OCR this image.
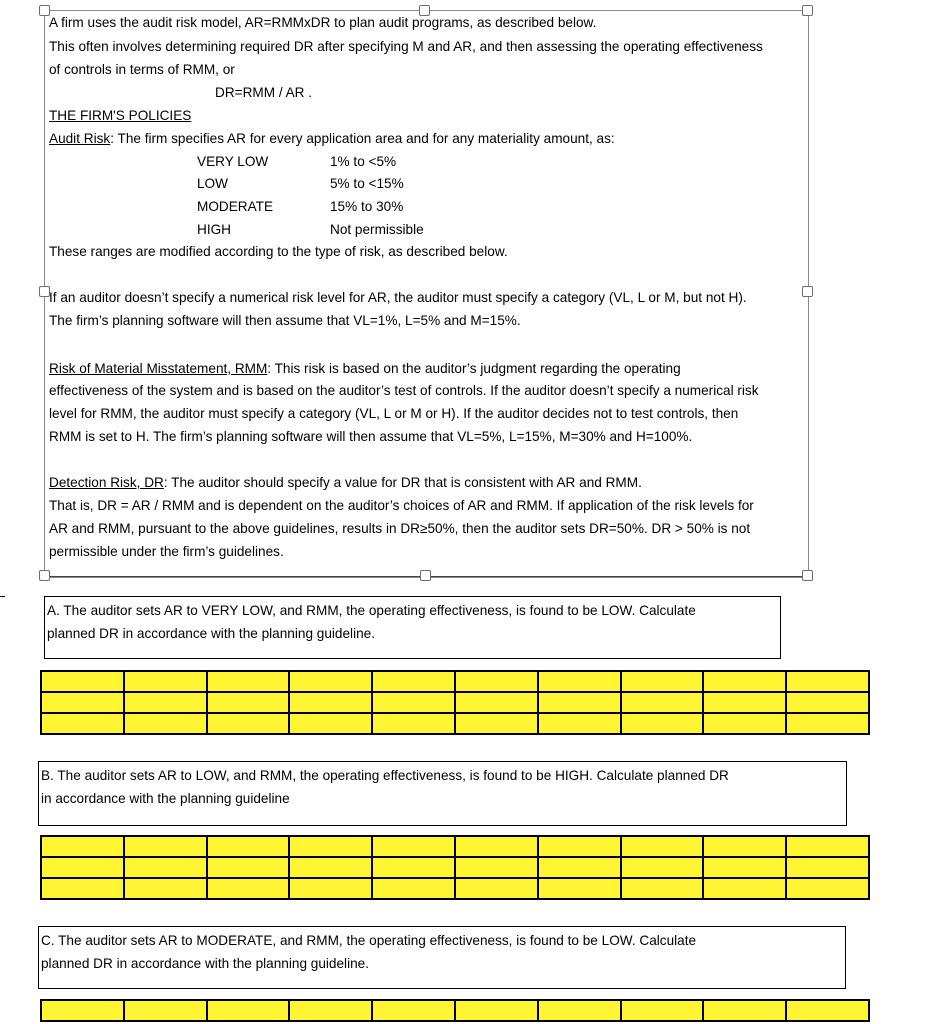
A firm uses the audit risk model, AR=RMMxDR to plan audit programs, as described below.
This often involves determining required DR after specifying M and AR, and then assessing the operating effectiveness
of controls in terms of RMM, or
DR=RMM / AR .
THE FIRM'S POLICIES
Audit Risk: The firm specifies AR for every application area and for any materiality amount, as:
VERY LOW	1% to <5%
LOW	5% to <15%
MODERATE	15% to 30%
HIGH	Not permissible
These ranges are modified according to the type of risk, as described below.
If an auditor doesn’t specify a numerical risk level for AR, the auditor must specify a category (VL, L or M, but not H).
The firm’s planning software will then assume that VL=1%, L=5% and M=15%.
Risk of Material Misstatement, RMM: This risk is based on the auditor’s judgment regarding the operating
effectiveness of the system and is based on the auditor’s test of controls. If the auditor doesn’t specify a numerical risk
level for RMM, the auditor must specify a category (VL, L or M or H). If the auditor decides not to test controls, then
RMM is set to H. The firm’s planning software will then assume that VL=5%, L=15%, M=30% and H=100%.
Detection Risk, DR: The auditor should specify a value for DR that is consistent with AR and RMM.
That is, DR = AR / RMM and is dependent on the auditor’s choices of AR and RMM. If application of the risk levels for
AR and RMM, pursuant to the above guidelines, results in DR≥50%, then the auditor sets DR=50%. DR > 50% is not
permissible under the firm’s guidelines.
A. The auditor sets AR to VERY LOW, and RMM, the operating effectiveness, is found to be LOW. Calculate
planned DR in accordance with the planning guideline.

B. The auditor sets AR to LOW, and RMM, the operating effectiveness, is found to be HIGH. Calculate planned DR
in accordance with the planning guideline

C. The auditor sets AR to MODERATE, and RMM, the operating effectiveness, is found to be LOW. Calculate
planned DR in accordance with the planning guideline.
